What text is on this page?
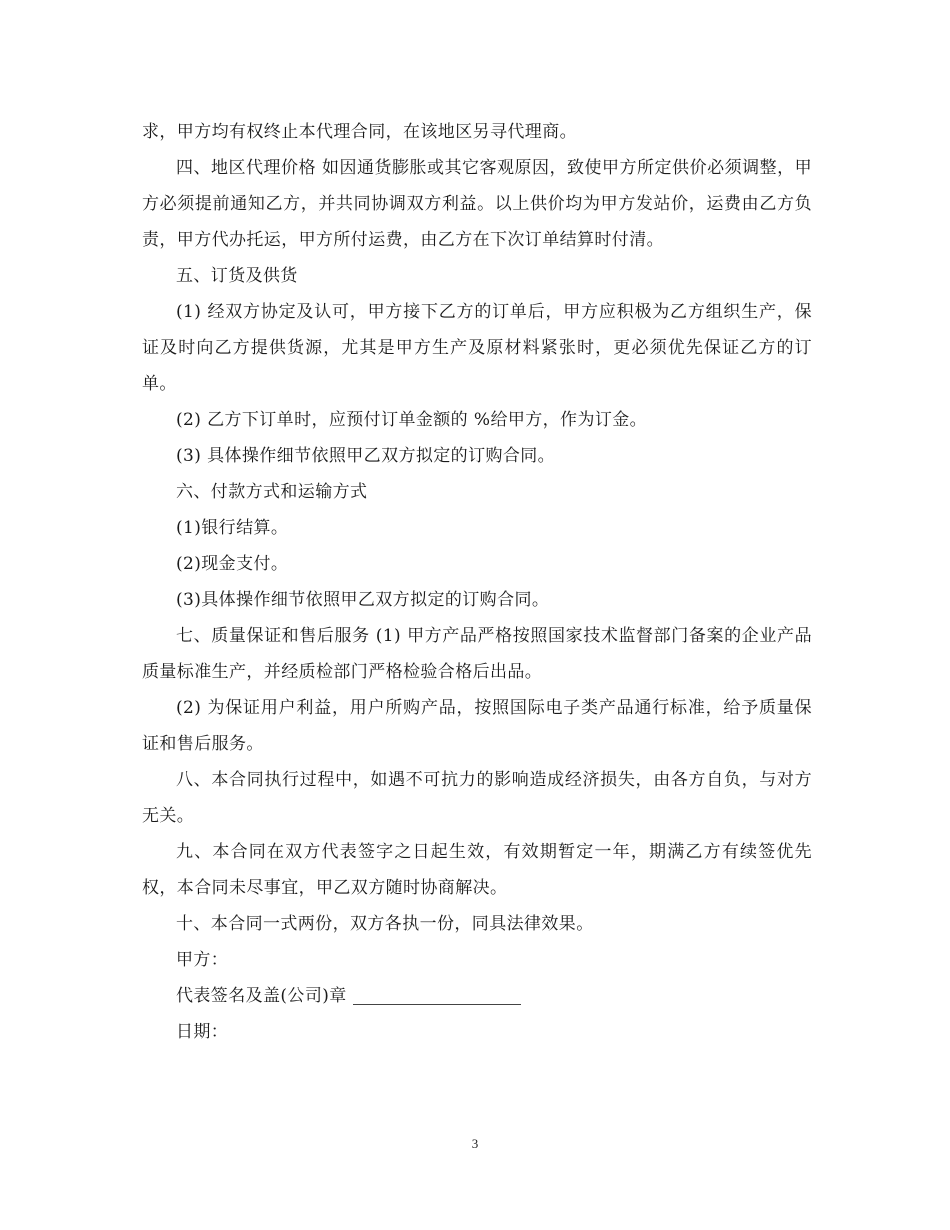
求，甲方均有权终止本代理合同，在该地区另寻代理商。

四、地区代理价格 如因通货膨胀或其它客观原因，致使甲方所定供价必须调整，甲方必须提前通知乙方，并共同协调双方利益。以上供价均为甲方发站价，运费由乙方负责，甲方代办托运，甲方所付运费，由乙方在下次订单结算时付清。

五、订货及供货

(1) 经双方协定及认可，甲方接下乙方的订单后，甲方应积极为乙方组织生产，保证及时向乙方提供货源，尤其是甲方生产及原材料紧张时，更必须优先保证乙方的订单。

(2) 乙方下订单时，应预付订单金额的 %给甲方，作为订金。

(3) 具体操作细节依照甲乙双方拟定的订购合同。

六、付款方式和运输方式

(1)银行结算。

(2)现金支付。

(3)具体操作细节依照甲乙双方拟定的订购合同。

七、质量保证和售后服务 (1) 甲方产品严格按照国家技术监督部门备案的企业产品质量标准生产，并经质检部门严格检验合格后出品。

(2) 为保证用户利益，用户所购产品，按照国际电子类产品通行标准，给予质量保证和售后服务。

八、本合同执行过程中，如遇不可抗力的影响造成经济损失，由各方自负，与对方无关。

九、本合同在双方代表签字之日起生效，有效期暂定一年，期满乙方有续签优先权，本合同未尽事宜，甲乙双方随时协商解决。

十、本合同一式两份，双方各执一份，同具法律效果。

甲方：

代表签名及盖(公司)章

日期：

3
